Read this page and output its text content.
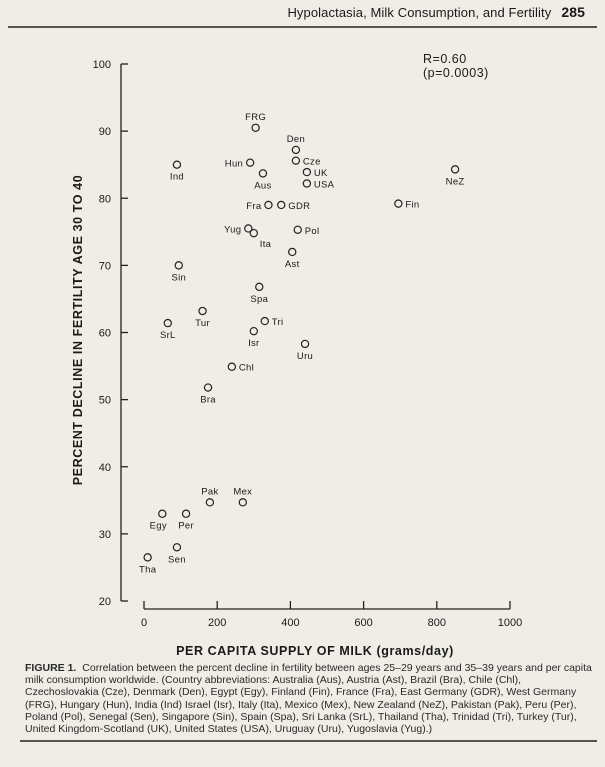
Hypolactasia, Milk Consumption, and Fertility 285
20
30
40
50
60
70
80
90
100
0	200	400	600	800	1000
FRG
Den
Cze
Hun
Ind	UK
Aus	NeZ
USA
Fra	GDR	Fin
Yug
Ita
Pol
Ast
Sin
Spa
Tur	Tri
SrL
Isr
Uru
Chl
Bra
Pak Mex
Egy Per
Sen
Tha
R=0.60
(p=0.0003)
PER CAPITA SUPPLY OF MILK (grams/day)
PERCENT DECLINE IN FERTILITY AGE 30 TO 40
FIGURE 1. Correlation between the percent decline in fertility between ages 25–29 years and 35–39 years and per capita milk consumption worldwide. (Country abbreviations: Australia (Aus), Austria (Ast), Brazil (Bra), Chile (Chl), Czechoslovakia (Cze), Denmark (Den), Egypt (Egy), Finland (Fin), France (Fra), East Germany (GDR), West Germany (FRG), Hungary (Hun), India (Ind) Israel (Isr), Italy (Ita), Mexico (Mex), New Zealand (NeZ), Pakistan (Pak), Peru (Per), Poland (Pol), Senegal (Sen), Singapore (Sin), Spain (Spa), Sri Lanka (SrL), Thailand (Tha), Trinidad (Tri), Turkey (Tur), United Kingdom-Scotland (UK), United States (USA), Uruguay (Uru), Yugoslavia (Yug).)
